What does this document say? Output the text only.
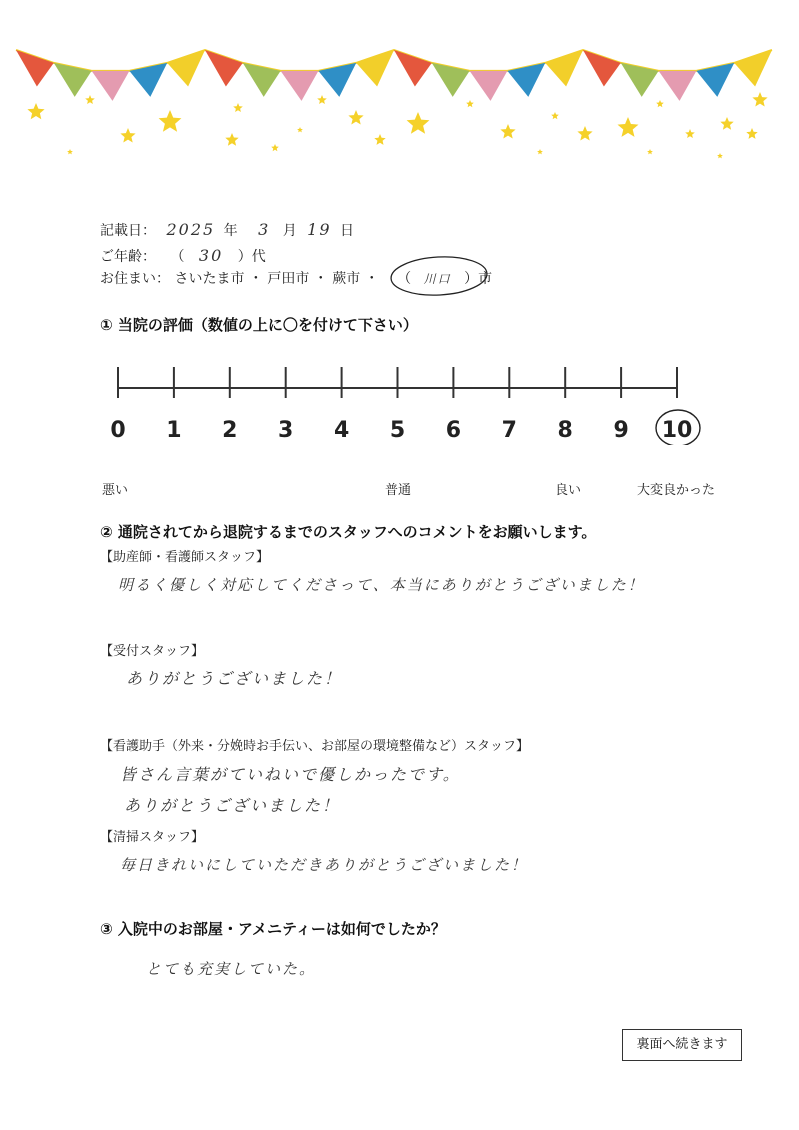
記載日： 2025 年 3 月 19 日
ご年齢： （ 30 ）代
お住まい： さいたま市 ・ 戸田市 ・ 蕨市 ・ （ 川口 ）市
① 当院の評価（数値の上に〇を付けて下さい）
0 1 2 3 4 5 6 7 8 9 10
悪い	普通	良い	大変良かった
② 通院されてから退院するまでのスタッフへのコメントをお願いします。
【助産師・看護師スタッフ】
明るく優しく対応してくださって、本当にありがとうございました！
【受付スタッフ】
ありがとうございました！
【看護助手（外来・分娩時お手伝い、お部屋の環境整備など）スタッフ】
皆さん言葉がていねいで優しかったです。
ありがとうございました！
【清掃スタッフ】
毎日きれいにしていただきありがとうございました！
③ 入院中のお部屋・アメニティーは如何でしたか？
とても充実していた。
裏面へ続きます
